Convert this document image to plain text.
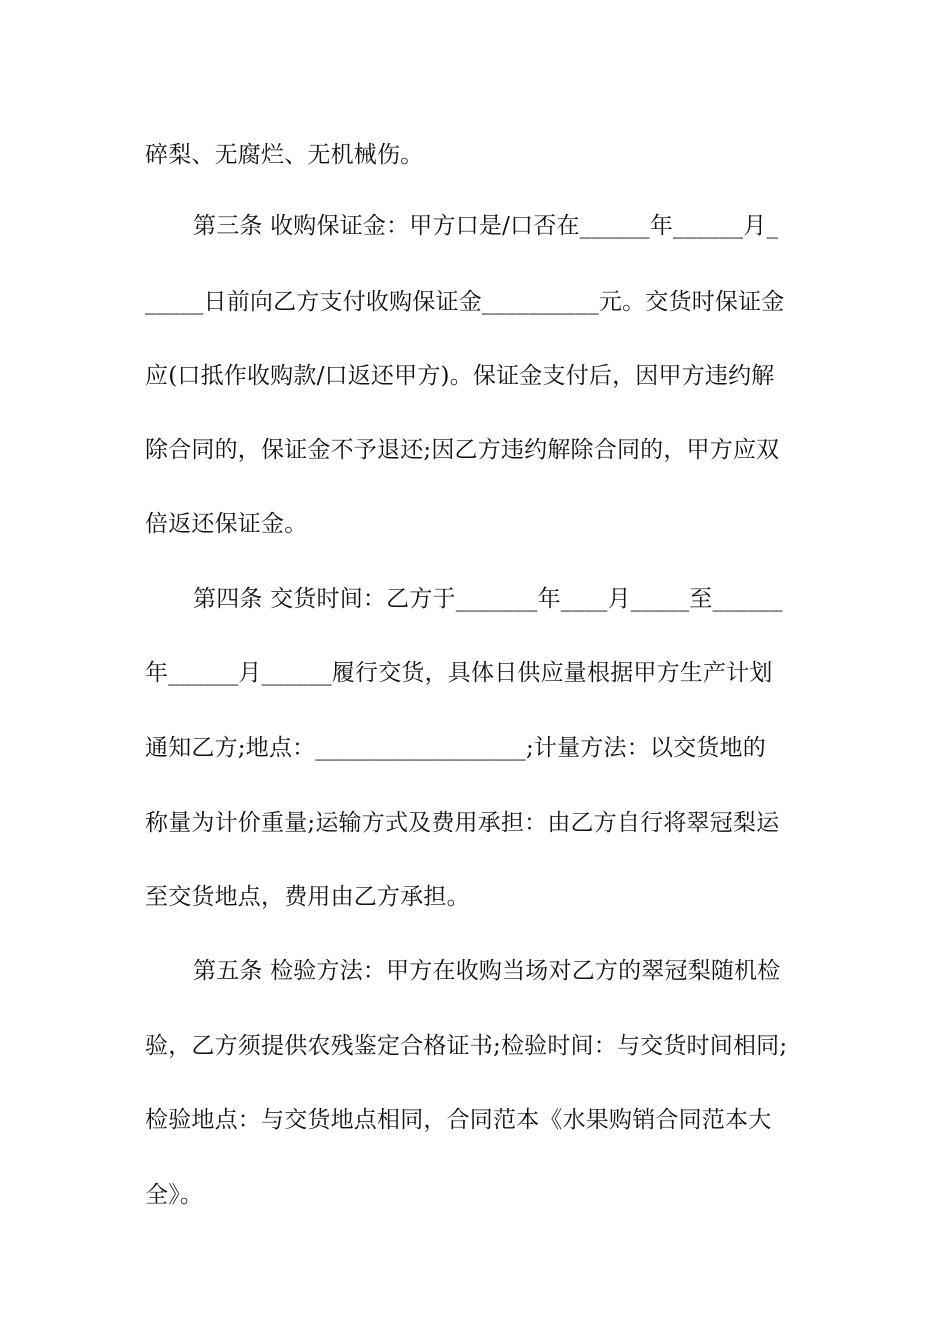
碎梨、无腐烂、无机械伤。
第三条 收购保证金：甲方口是/口否在______年______月_
_____日前向乙方支付收购保证金__________元。交货时保证金
应(口抵作收购款/口返还甲方)。保证金支付后，因甲方违约解
除合同的，保证金不予退还;因乙方违约解除合同的，甲方应双
倍返还保证金。
第四条 交货时间：乙方于_______年____月_____至______
年______月______履行交货，具体日供应量根据甲方生产计划
通知乙方;地点：__________________;计量方法：以交货地的
称量为计价重量;运输方式及费用承担：由乙方自行将翠冠梨运
至交货地点，费用由乙方承担。
第五条 检验方法：甲方在收购当场对乙方的翠冠梨随机检
验，乙方须提供农残鉴定合格证书;检验时间：与交货时间相同;
检验地点：与交货地点相同，合同范本《水果购销合同范本大
全》。
